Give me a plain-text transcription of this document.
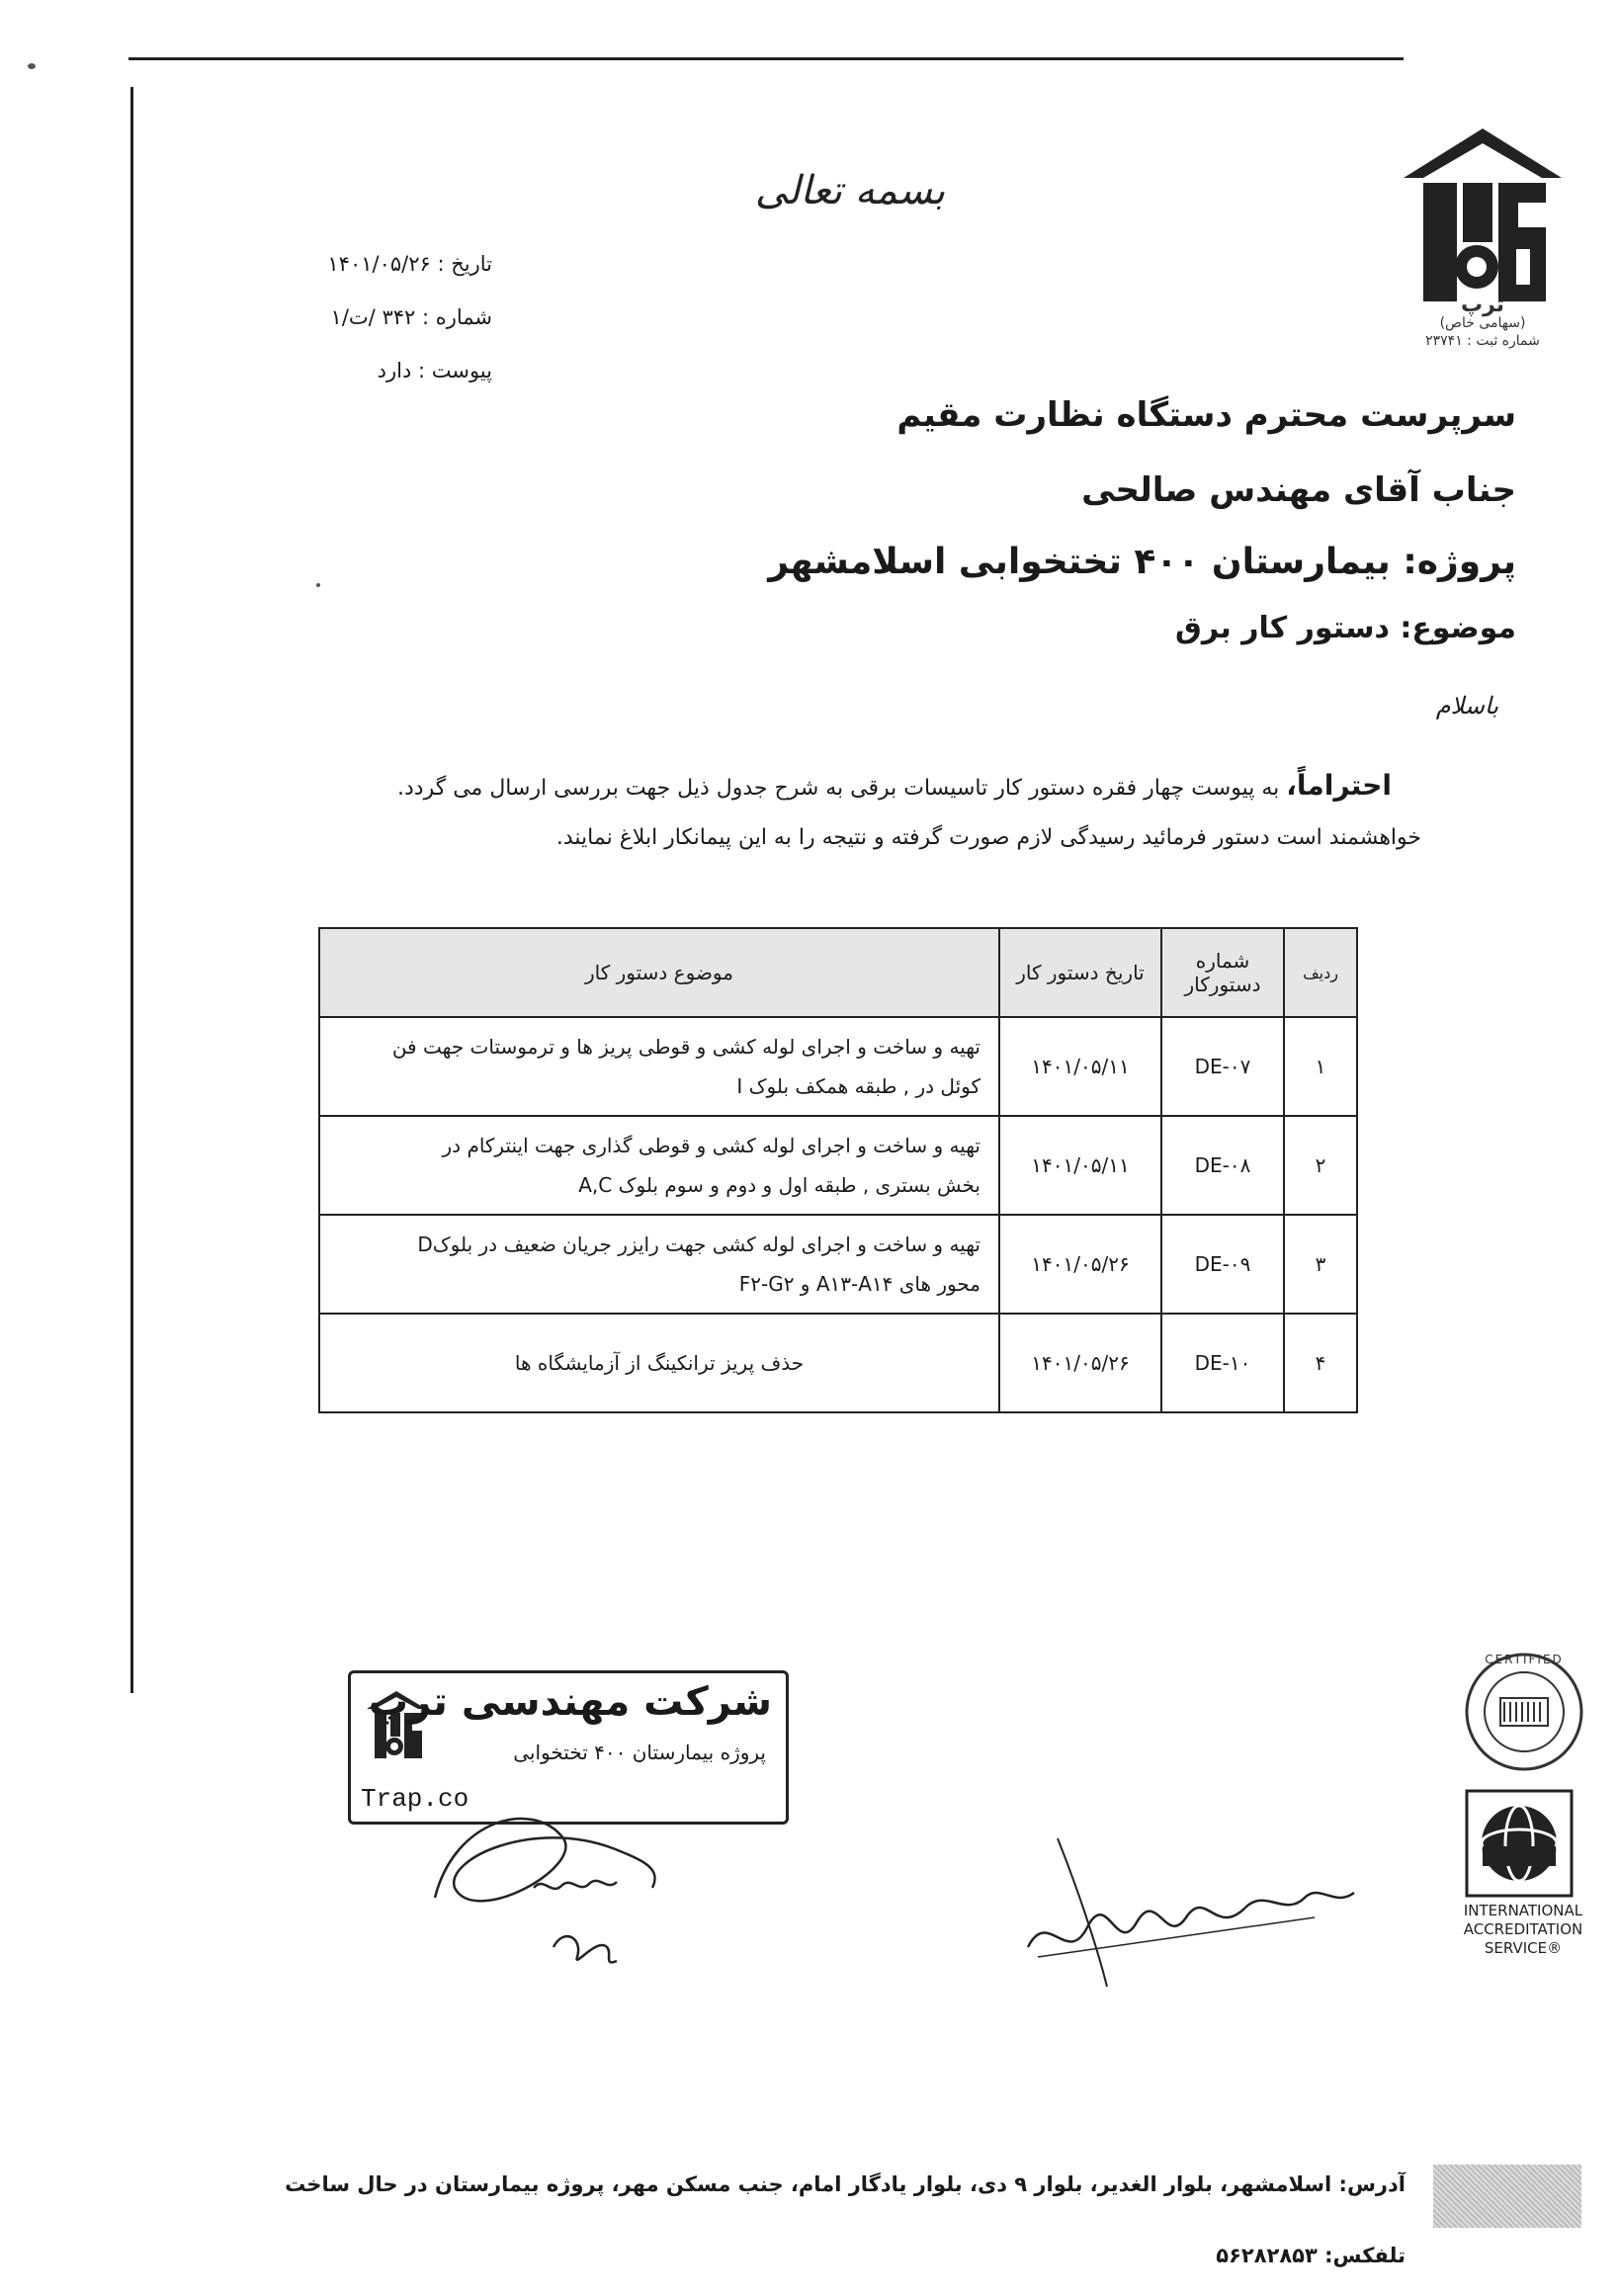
بسمه تعالی
تاریخ : ۱۴۰۱/۰۵/۲۶
شماره : ۳۴۲ /ت/۱
پیوست : دارد
ترپ
(سهامی خاص)
شماره ثبت : ۲۳۷۴۱
سرپرست محترم دستگاه نظارت مقیم
جناب آقای مهندس صالحی
پروژه: بیمارستان ۴۰۰ تختخوابی اسلامشهر
موضوع: دستور کار برق
باسلام
احتراماً، به پیوست چهار فقره دستور کار تاسیسات برقی به شرح جدول ذیل جهت بررسی ارسال می گردد.
خواهشمند است دستور فرمائید رسیدگی لازم صورت گرفته و نتیجه را به این پیمانکار ابلاغ نمایند.
ردیف	شماره دستورکار	تاریخ دستور کار	موضوع دستور کار
۱	DE-۰۷	۱۴۰۱/۰۵/۱۱	تهیه و ساخت و اجرای لوله کشی و قوطی پریز ها و ترموستات جهت فن
کوئل در , طبقه همکف بلوک I

۲	DE-۰۸	۱۴۰۱/۰۵/۱۱	تهیه و ساخت و اجرای لوله کشی و قوطی گذاری جهت اینترکام در
بخش بستری , طبقه اول و دوم و سوم بلوک A,C

۳	DE-۰۹	۱۴۰۱/۰۵/۲۶	تهیه و ساخت و اجرای لوله کشی جهت رایزر جریان ضعیف در بلوکD
محور های A۱۳-A۱۴ و F۲-G۲

۴	DE-۱۰	۱۴۰۱/۰۵/۲۶	حذف پریز ترانکینگ از آزمایشگاه ها
شرکت مهندسی ترپ
پروژه بیمارستان ۴۰۰ تختخوابی
Trap.co
CERTIFIED
INTERNATIONAL
ACCREDITATION
SERVICE®
آدرس: اسلامشهر، بلوار الغدیر، بلوار ۹ دی، بلوار یادگار امام، جنب مسکن مهر، پروژه بیمارستان در حال ساخت
تلفکس: ۵۶۲۸۲۸۵۳
